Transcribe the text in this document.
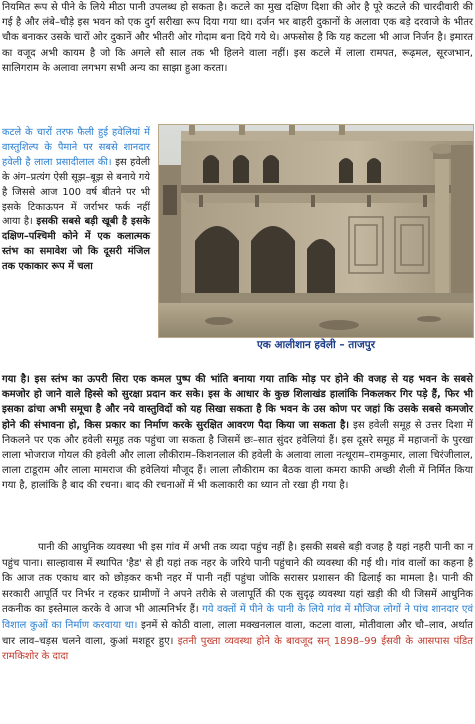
नियमित रूप से पीने के लिये मीठा पानी उपलब्ध हो सकता है। कटले का मुख दक्षिण दिशा की ओर है पूरे कटले की चारदीवारी की गई है और लंबे–चौड़े इस भवन को एक दुर्ग सरीखा रूप दिया गया था। दर्जन भर बाहरी दुकानों के अलावा एक बड़े दरवाजे के भीतर चौक बनाकर उसके चारों ओर दुकानें और भीतरी ओर गोदाम बना दिये गये थे। अफसोस है कि यह कटला भी आज निर्जन है। इमारत का वजूद अभी कायम है जो कि अगले सौ साल तक भी हिलने वाला नहीं। इस कटले में लाला रामपत, रूढ़मल, सूरजभान, सालिगराम के अलावा लगभग सभी अन्य का साझा हुआ करता।

कटले के चारों तरफ फैली हुई हवेलियां में वास्तुशिल्प के पैमाने पर सबसे शानदार हवेली है लाला प्रसादीलाल की। इस हवेली के अंग–प्रत्यंग ऐसी सूझ–बूझ से बनाये गये है जिससे आज 100 वर्ष बीतने पर भी इसके टिकाऊपन में जर्राभर फर्क नहीं आया है। इसकी सबसे बड़ी खूबी है इसके दक्षिण–पश्चिमी कोने में एक कलात्मक स्तंभ का समावेश जो कि दूसरी मंजिल तक एकाकार रूप में चला
एक आलीशान हवेली – ताजपुर

गया है। इस स्तंभ का ऊपरी सिरा एक कमल पुष्प की भांति बनाया गया ताकि मोड़ पर होने की वजह से यह भवन के सबसे कमजोर हो जाने वाले हिस्से को सुरक्षा प्रदान कर सके। इस के आधार के कुछ शिलाखंड हालांकि निकलकर गिर पड़े हैं, फिर भी इसका ढांचा अभी समूचा है और नये वास्तुविदों को यह सिखा सकता है कि भवन के उस कोण पर जहां कि उसके सबसे कमजोर होने की संभावना हो, किस प्रकार का निर्माण करके सुरक्षित आवरण पैदा किया जा सकता है। इस हवेली समूह से उत्तर दिशा में निकलने पर एक और हवेली समूह तक पहुंचा जा सकता है जिसमें छः–सात सुंदर हवेलियां हैं। इस दूसरे समूह में महाजनों के पुरखा लाला भोजराज गोयल की हवेली और लाला लौकीराम–किशनलाल की हवेली के अलावा लाला नत्थूराम–रामकुमार, लाला चिरंजीलाल, लाला टाडूराम और लाला मामराज की हवेलियां मौजूद हैं। लाला लौकीराम का बैठक वाला कमरा काफी अच्छी शैली में निर्मित किया गया है, हालांकि है बाद की रचना। बाद की रचनाओं में भी कलाकारी का ध्यान तो रखा ही गया है।

पानी की आधुनिक व्यवस्था भी इस गांव में अभी तक व्यदा पहुंच नहीं है। इसकी सबसे बड़ी वजह है यहां नहरी पानी का न पहुंच पाना। साल्हावास में स्थापित 'हैड' से ही यहां तक नहर के जरिये पानी पहुंचाने की व्यवस्था की गई थी। गांव वालों का कहना है कि आज तक एकाध बार को छोड़कर कभी नहर में पानी नहीं पहुंचा जोकि सरासर प्रशासन की ढिलाई का मामला है। पानी की सरकारी आपूर्ति पर निर्भर न रहकर ग्रामीणों ने अपने तरीके से जलापूर्ति की एक सुदृढ़ व्यवस्था यहां खड़ी की थी जिसमें आधुनिक तकनीक का इस्तेमाल करके वे आज भी आत्मनिर्भर हैं। गये वक्तों में पीने के पानी के लिये गांव में मौजिज लोगों ने पांच शानदार एवं विशाल कुओं का निर्माण करवाया था। इनमें से कोठी वाला, लाला मक्खनलाल वाला, कटला वाला, मोतीवाला और चौ–लाव, अर्थात चार लाव–चड़स चलने वाला, कुआं मशहूर हुए। इतनी पुख्ता व्यवस्था होने के बावजूद सन् 1898–99 ईसवी के आसपास पंडित रामकिशोर के दादा
